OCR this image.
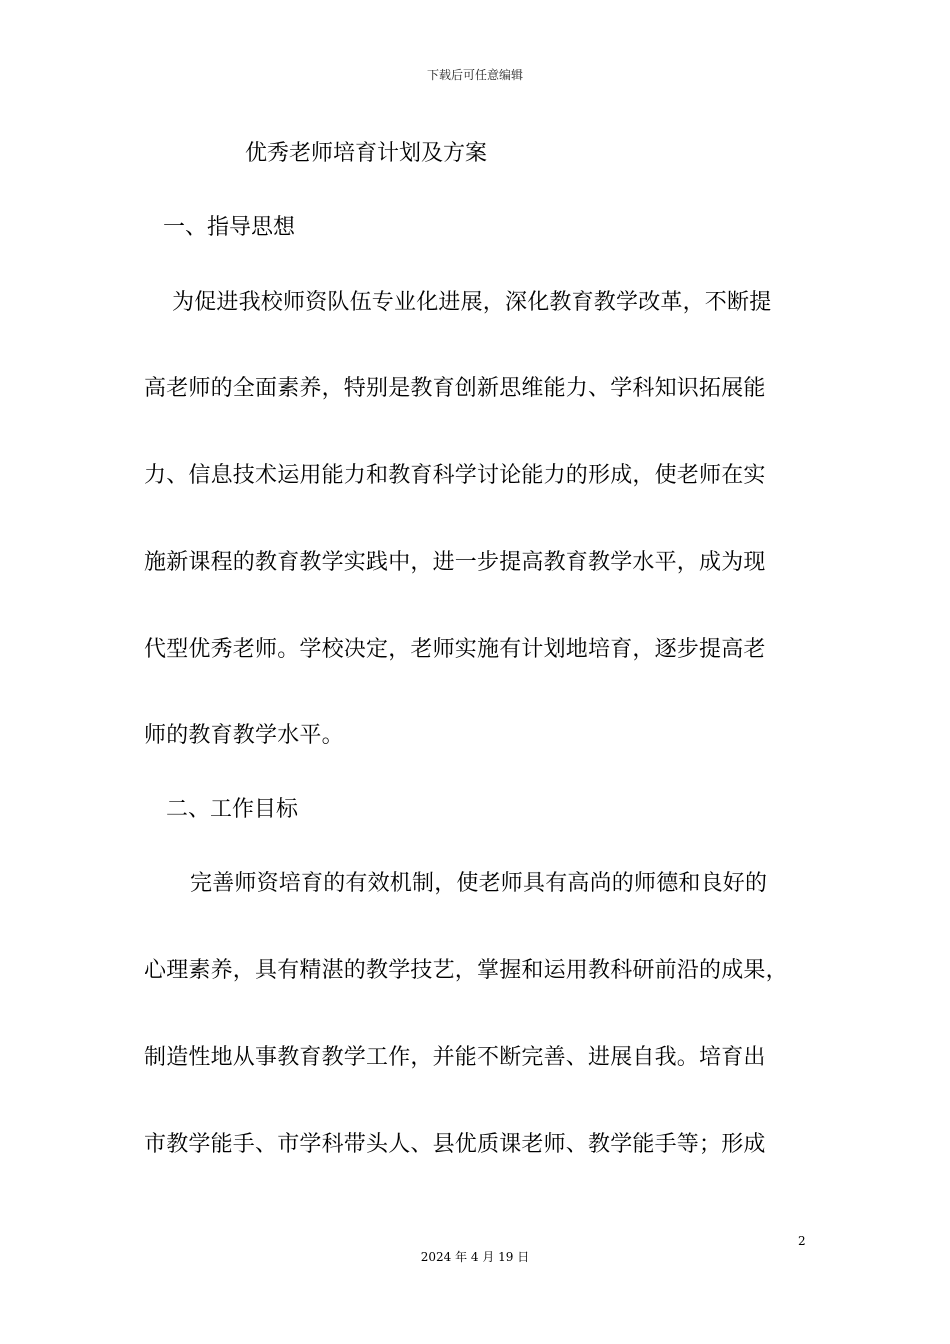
下载后可任意编辑
优秀老师培育计划及方案
一、指导思想
为促进我校师资队伍专业化进展，深化教育教学改革，不断提
高老师的全面素养，特别是教育创新思维能力、学科知识拓展能
力、信息技术运用能力和教育科学讨论能力的形成，使老师在实
施新课程的教育教学实践中，进一步提高教育教学水平，成为现
代型优秀老师。学校决定，老师实施有计划地培育，逐步提高老
师的教育教学水平。
二、工作目标
完善师资培育的有效机制，使老师具有高尚的师德和良好的
心理素养，具有精湛的教学技艺，掌握和运用教科研前沿的成果，
制造性地从事教育教学工作，并能不断完善、进展自我。培育出
市教学能手、市学科带头人、县优质课老师、教学能手等；形成
2
2024 年 4 月 19 日
